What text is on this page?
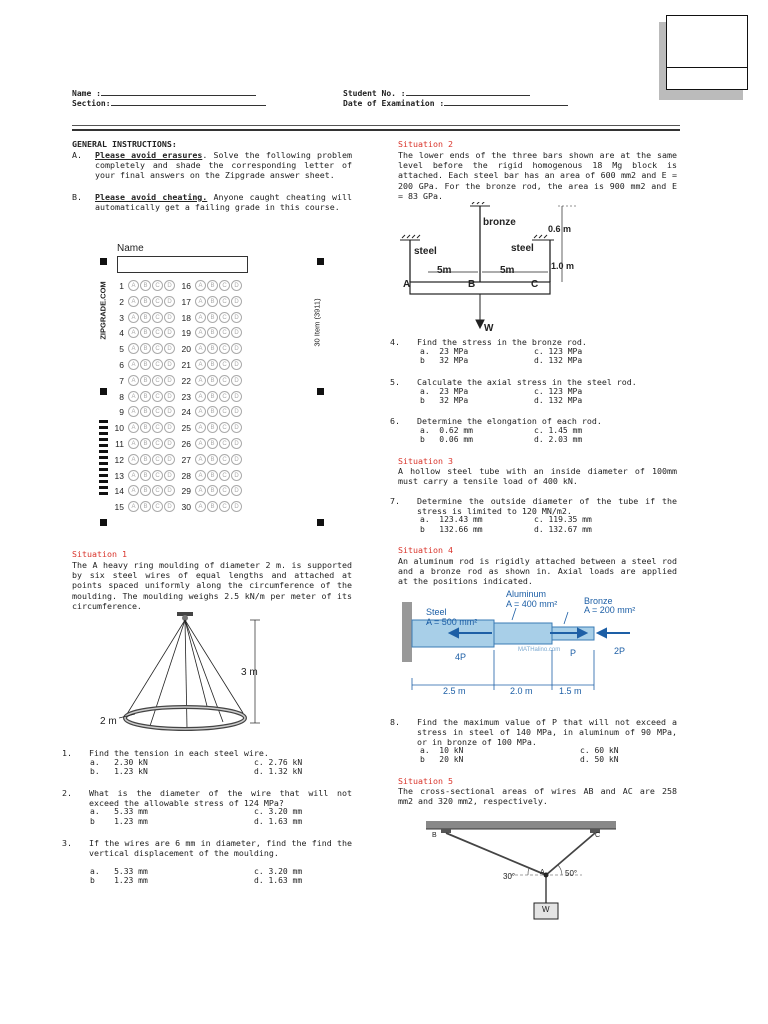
Name :
Section:
Student No. :
Date of Examination :
GENERAL INSTRUCTIONS:
A. Please avoid erasures. Solve the following problem completely and shade the corresponding letter of your final answers on the Zipgrade answer sheet.
B. Please avoid cheating. Anyone caught cheating will automatically get a failing grade in this course.
Name
ZIPGRADE.COM	30 Item (3911)
1	A	B	C	D
2	A	B	C	D
3	A	B	C	D
4	A	B	C	D
5	A	B	C	D
6	A	B	C	D
7	A	B	C	D
8	A	B	C	D
9	A	B	C	D
10	A	B	C	D
11	A	B	C	D
12	A	B	C	D
13	A	B	C	D
14	A	B	C	D
15	A	B	C	D
16	A	B	C	D
17	A	B	C	D
18	A	B	C	D
19	A	B	C	D
20	A	B	C	D
21	A	B	C	D
22	A	B	C	D
23	A	B	C	D
24	A	B	C	D
25	A	B	C	D
26	A	B	C	D
27	A	B	C	D
28	A	B	C	D
29	A	B	C	D
30	A	B	C	D
Situation 1
The A heavy ring moulding of diameter 2 m. is supported by six steel wires of equal lengths and attached at points spaced uniformly along the circumference of the moulding. The moulding weighs 2.5 kN/m per meter of its circumference.
3 m
2 m
1. Find the tension in each steel wire.
a.   2.30 kN
b.   1.23 kN
c. 2.76 kN
d. 1.32 kN
2. What is the diameter of the wire that will not exceed the allowable stress of 124 MPa?
a.   5.33 mm
b    1.23 mm
c. 3.20 mm
d. 1.63 mm
3. If the wires are 6 mm in diameter, find the find the vertical displacement of the moulding.
a.   5.33 mm
b    1.23 mm
c. 3.20 mm
d. 1.63 mm
Situation 2
The lower ends of the three bars shown are at the same level before the rigid homogenous 18 Mg block is attached. Each steel bar has an area of 600 mm2 and E = 200 GPa. For the bronze rod, the area is 900 mm2 and E = 83 GPa.
bronze
steel	steel
0.6 m
1.0 m
5m	5m
A	B	C
W
4. Find the stress in the bronze rod.
a.  23 MPa
b   32 MPa
c. 123 MPa
d. 132 MPa
5. Calculate the axial stress in the steel rod.
a.  23 MPa
b   32 MPa
c. 123 MPa
d. 132 MPa
6. Determine the elongation of each rod.
a.  0.62 mm
b   0.06 mm
c. 1.45 mm
d. 2.03 mm
Situation 3
A hollow steel tube with an inside diameter of 100mm must carry a tensile load of 400 kN.
7. Determine the outside diameter of the tube if the stress is limited to 120 MN/m2.
a.  123.43 mm
b   132.66 mm
c. 119.35 mm
d. 132.67 mm
Situation 4
An aluminum rod is rigidly attached between a steel rod and a bronze rod as shown in. Axial loads are applied at the positions indicated.
Steel
A = 500 mm²
Aluminum
A = 400 mm²	Bronze
A = 200 mm²
4P	P	2P
MATHalino.com
2.5 m	2.0 m	1.5 m
8. Find the maximum value of P that will not exceed a stress in steel of 140 MPa, in aluminum of 90 MPa, or in bronze of 100 MPa.
a.  10 kN
b   20 kN
c. 60 kN
d. 50 kN
Situation 5
The cross-sectional areas of wires AB and AC are 258 mm2 and 320 mm2, respectively.
B	C
A
30°	50°
W
